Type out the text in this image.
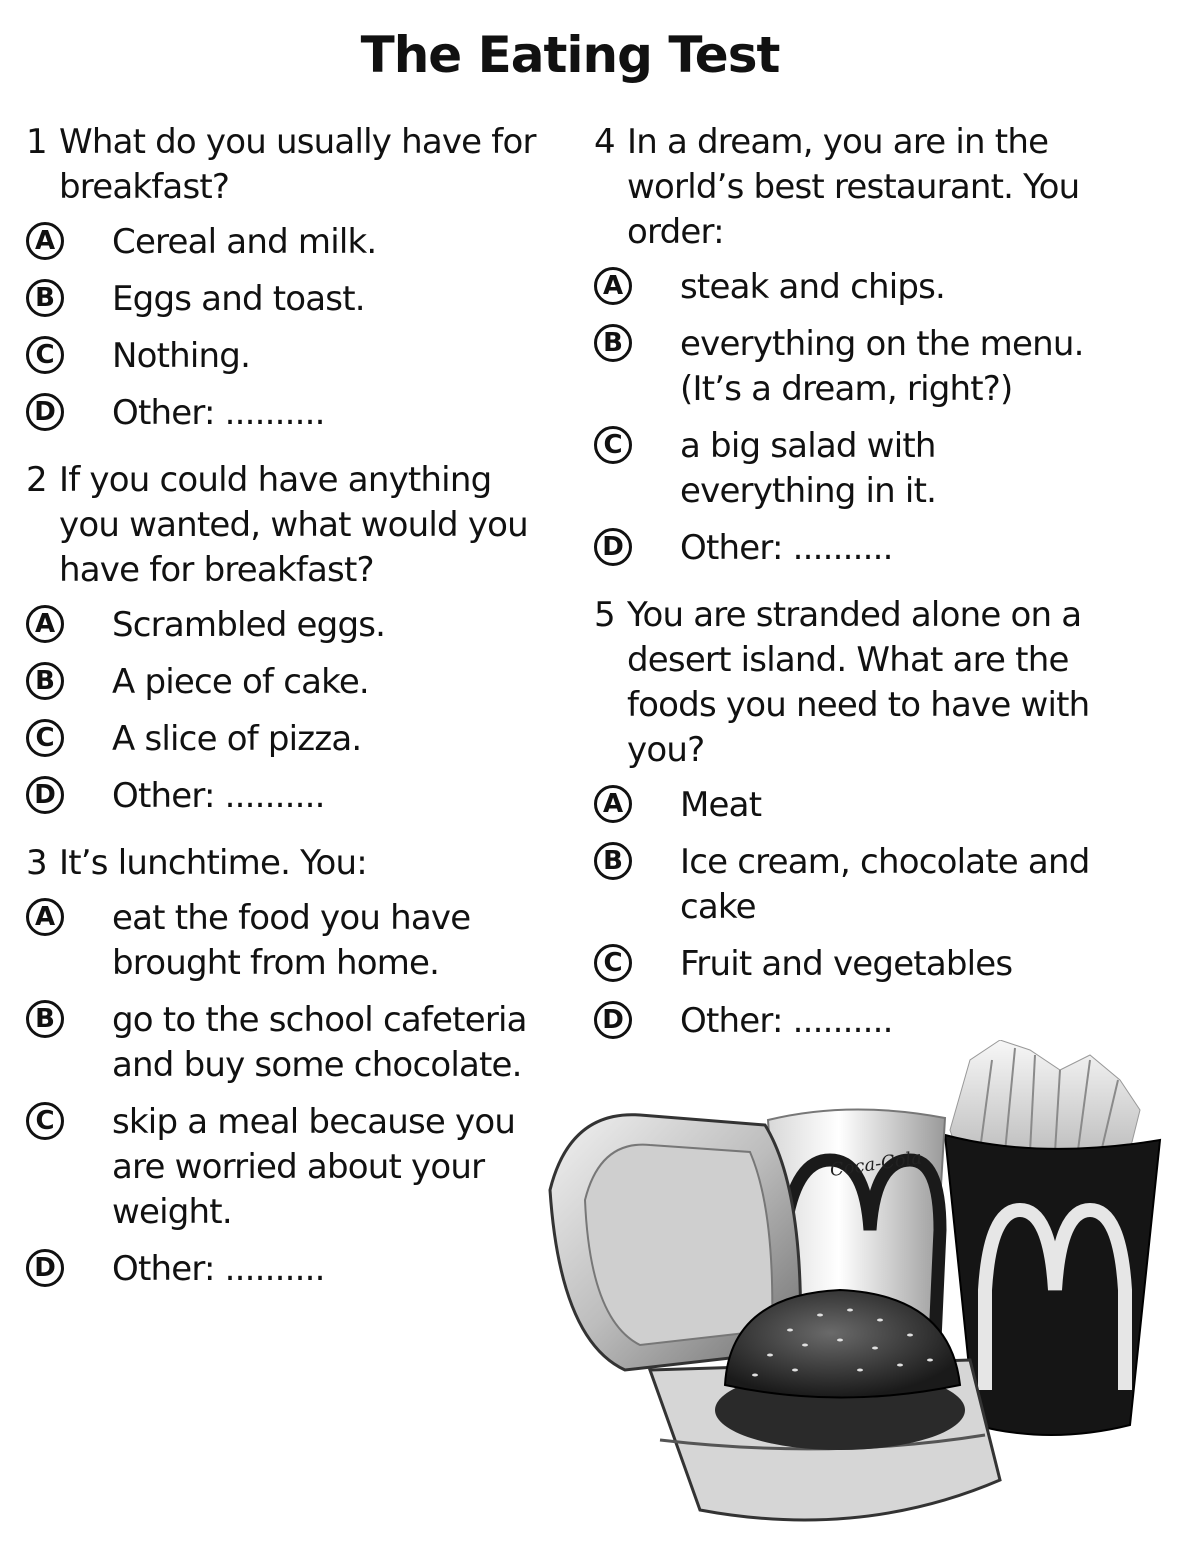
The Eating Test
1 What do you usually have for breakfast?
A Cereal and milk.
B Eggs and toast.
C Nothing.
D Other: ..........
2 If you could have anything you wanted, what would you have for breakfast?
A Scrambled eggs.
B A piece of cake.
C A slice of pizza.
D Other: ..........
3 It’s lunchtime. You:
A eat the food you have brought from home.
B go to the school cafeteria and buy some chocolate.
C skip a meal because you are worried about your weight.
D Other: ..........
4 In a dream, you are in the world’s best restaurant. You order:
A steak and chips.
B everything on the menu. (It’s a dream, right?)
C a big salad with everything in it.
D Other: ..........
5 You are stranded alone on a desert island. What are the foods you need to have with you?
A Meat
B Ice cream, chocolate and cake
C Fruit and vegetables
D Other: ..........
Coca-Cola
